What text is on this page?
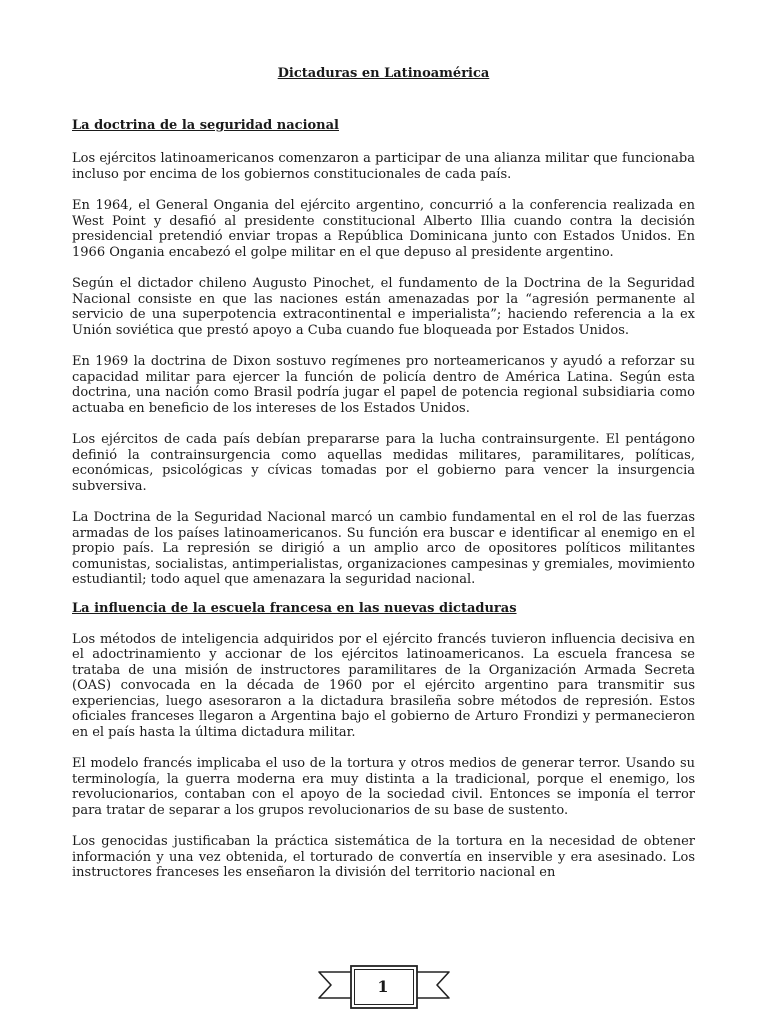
Dictaduras en Latinoamérica
La doctrina de la seguridad nacional

Los ejércitos latinoamericanos comenzaron a participar de una alianza militar que funcionaba incluso por encima de los gobiernos constitucionales de cada país.

En 1964, el General Ongania del ejército argentino, concurrió a la conferencia realizada en West Point y desafió al presidente constitucional Alberto Illia cuando contra la decisión presidencial pretendió enviar tropas a República Dominicana junto con Estados Unidos. En 1966 Ongania encabezó el golpe militar en el que depuso al presidente argentino.

Según el dictador chileno Augusto Pinochet, el fundamento de la Doctrina de la Seguridad Nacional consiste en que las naciones están amenazadas por la “agresión permanente al servicio de una superpotencia extracontinental e imperialista”; haciendo referencia a la ex Unión soviética que prestó apoyo a Cuba cuando fue bloqueada por Estados Unidos.

En 1969 la doctrina de Dixon sostuvo regímenes pro norteamericanos y ayudó a reforzar su capacidad militar para ejercer la función de policía dentro de América Latina. Según esta doctrina, una nación como Brasil podría jugar el papel de potencia regional subsidiaria como actuaba en beneficio de los intereses de los Estados Unidos.

Los ejércitos de cada país debían prepararse para la lucha contrainsurgente. El pentágono definió la contrainsurgencia como aquellas medidas militares, paramilitares, políticas, económicas, psicológicas y cívicas tomadas por el gobierno para vencer la insurgencia subversiva.

La Doctrina de la Seguridad Nacional marcó un cambio fundamental en el rol de las fuerzas armadas de los países latinoamericanos. Su función era buscar e identificar al enemigo en el propio país. La represión se dirigió a un amplio arco de opositores políticos militantes comunistas, socialistas, antimperialistas, organizaciones campesinas y gremiales, movimiento estudiantil; todo aquel que amenazara la seguridad nacional.

La influencia de la escuela francesa en las nuevas dictaduras

Los métodos de inteligencia adquiridos por el ejército francés tuvieron influencia decisiva en el adoctrinamiento y accionar de los ejércitos latinoamericanos. La escuela francesa se trataba de una misión de instructores paramilitares de la Organización Armada Secreta (OAS) convocada en la década de 1960 por el ejército argentino para transmitir sus experiencias, luego asesoraron a la dictadura brasileña sobre métodos de represión. Estos oficiales franceses llegaron a Argentina bajo el gobierno de Arturo Frondizi y permanecieron en el país hasta la última dictadura militar.

El modelo francés implicaba el uso de la tortura y otros medios de generar terror. Usando su terminología, la guerra moderna era muy distinta a la tradicional, porque el enemigo, los revolucionarios, contaban con el apoyo de la sociedad civil. Entonces se imponía el terror para tratar de separar a los grupos revolucionarios de su base de sustento.

Los genocidas justificaban la práctica sistemática de la tortura en la necesidad de obtener información y una vez obtenida, el torturado de convertía en inservible y era asesinado. Los instructores franceses les enseñaron la división del territorio nacional en

1
